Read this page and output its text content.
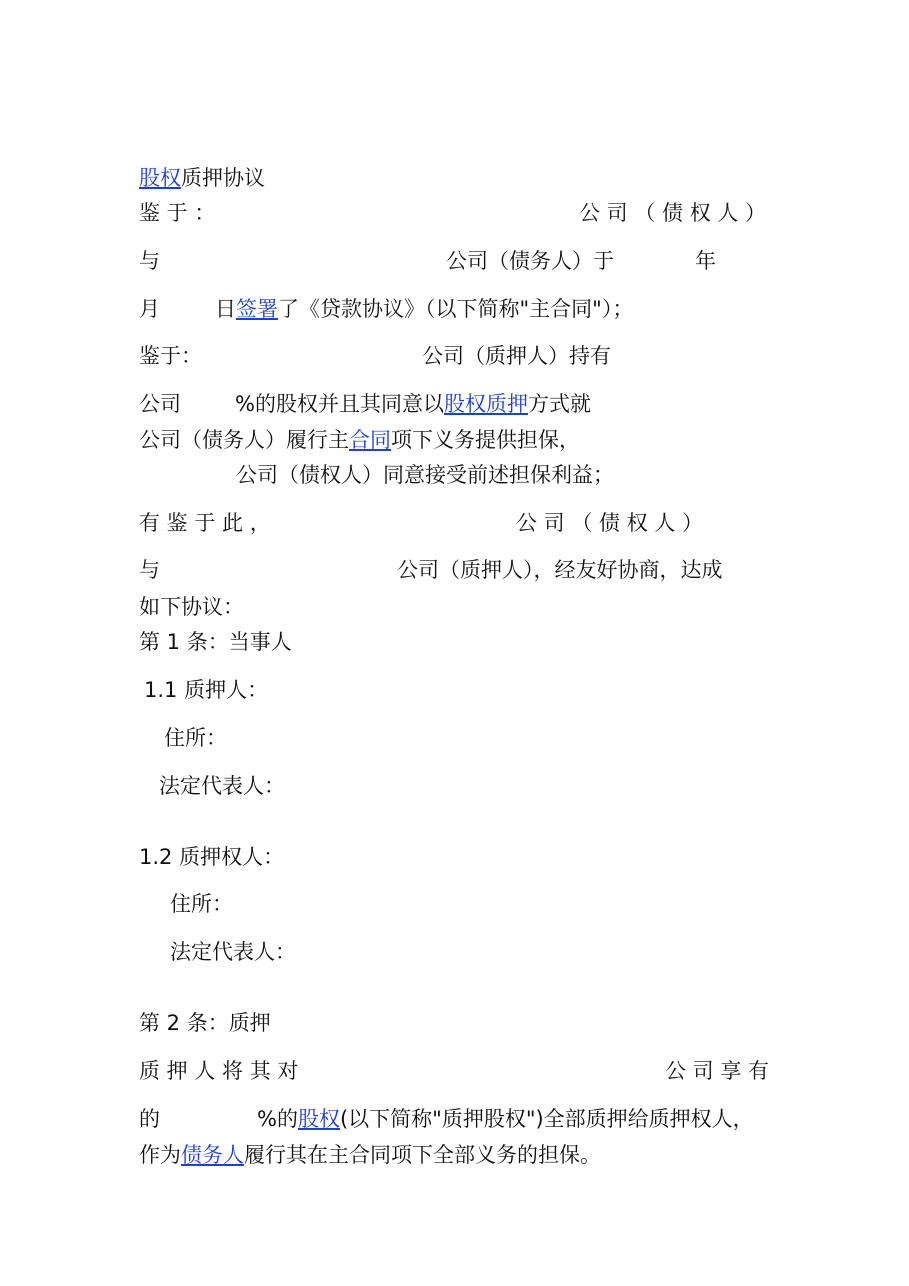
股权质押协议
鉴 于 ：	公 司 （ 债 权 人 ）
与	公司（债务人）于	年
月	日签署了《贷款协议》（以下简称"主合同"）；
鉴于：	公司（质押人）持有
公司	%的股权并且其同意以股权质押方式就
公司（债务人）履行主合同项下义务提供担保，
公司（债权人）同意接受前述担保利益；
有 鉴 于 此 ，	公 司 （ 债 权 人 ）
与	公司（质押人），经友好协商，达成
如下协议：
第 1 条：当事人
1.1 质押人：
住所：
法定代表人：
1.2 质押权人：
住所：
法定代表人：
第 2 条：质押
质 押 人 将 其 对	公 司 享 有
的	%的股权(以下简称"质押股权")全部质押给质押权人，
作为债务人履行其在主合同项下全部义务的担保。
